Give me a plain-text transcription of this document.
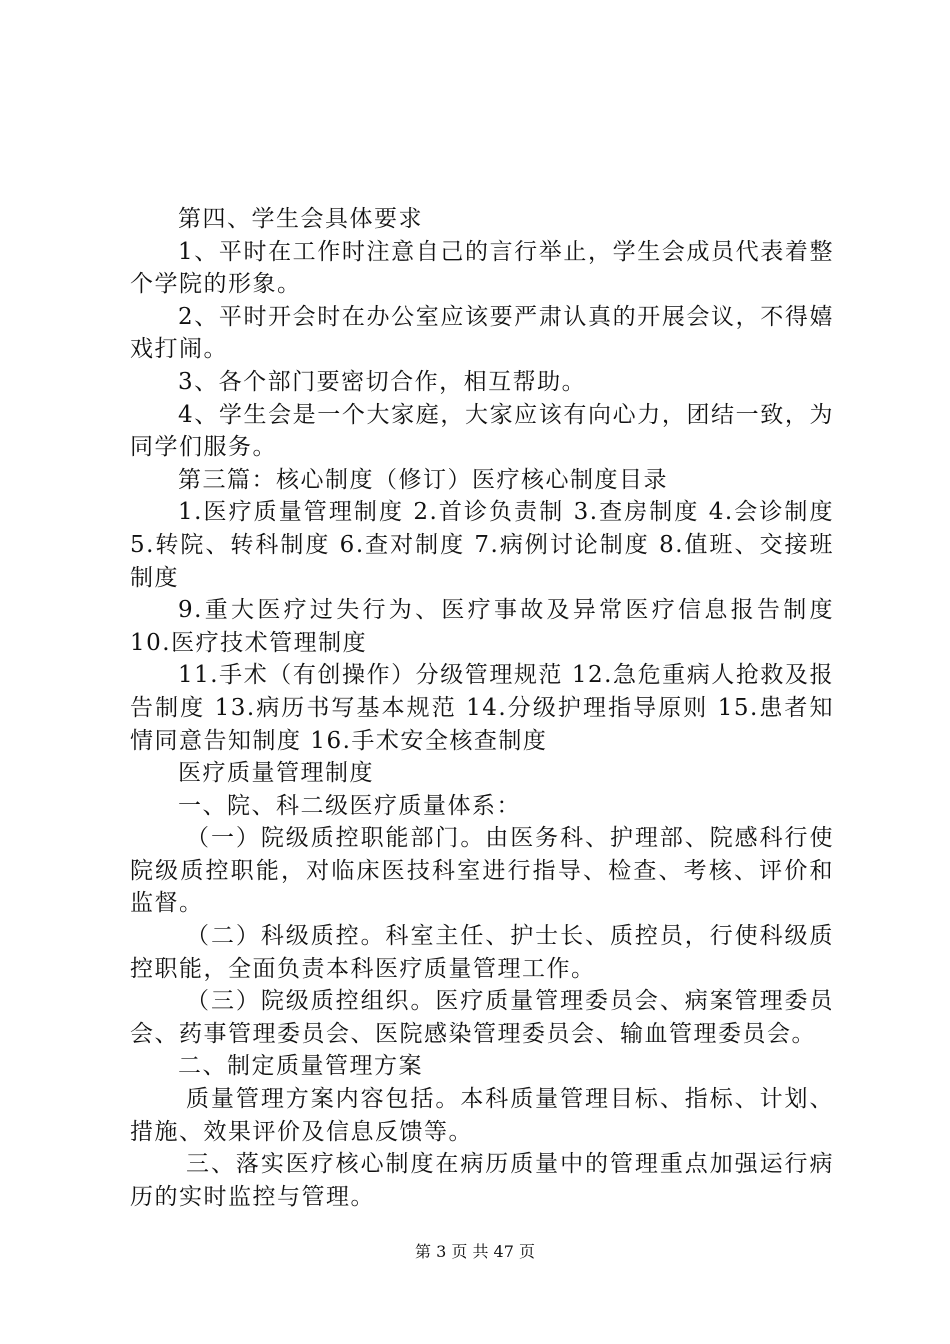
第四、学生会具体要求

1、平时在工作时注意自己的言行举止，学生会成员代表着整个学院的形象。

2、平时开会时在办公室应该要严肃认真的开展会议，不得嬉戏打闹。

3、各个部门要密切合作，相互帮助。

4、学生会是一个大家庭，大家应该有向心力，团结一致，为同学们服务。

第三篇：核心制度（修订）医疗核心制度目录

1.医疗质量管理制度 2.首诊负责制 3.查房制度 4.会诊制度 5.转院、转科制度 6.查对制度 7.病例讨论制度 8.值班、交接班制度

9.重大医疗过失行为、医疗事故及异常医疗信息报告制度 10.医疗技术管理制度

11.手术（有创操作）分级管理规范 12.急危重病人抢救及报告制度 13.病历书写基本规范 14.分级护理指导原则 15.患者知情同意告知制度 16.手术安全核查制度

医疗质量管理制度

一、院、科二级医疗质量体系：

（一）院级质控职能部门。由医务科、护理部、院感科行使院级质控职能，对临床医技科室进行指导、检查、考核、评价和监督。

（二）科级质控。科室主任、护士长、质控员，行使科级质控职能，全面负责本科医疗质量管理工作。

（三）院级质控组织。医疗质量管理委员会、病案管理委员会、药事管理委员会、医院感染管理委员会、输血管理委员会。

二、制定质量管理方案

质量管理方案内容包括。本科质量管理目标、指标、计划、措施、效果评价及信息反馈等。

三、落实医疗核心制度在病历质量中的管理重点加强运行病历的实时监控与管理。

第 3 页 共 47 页
